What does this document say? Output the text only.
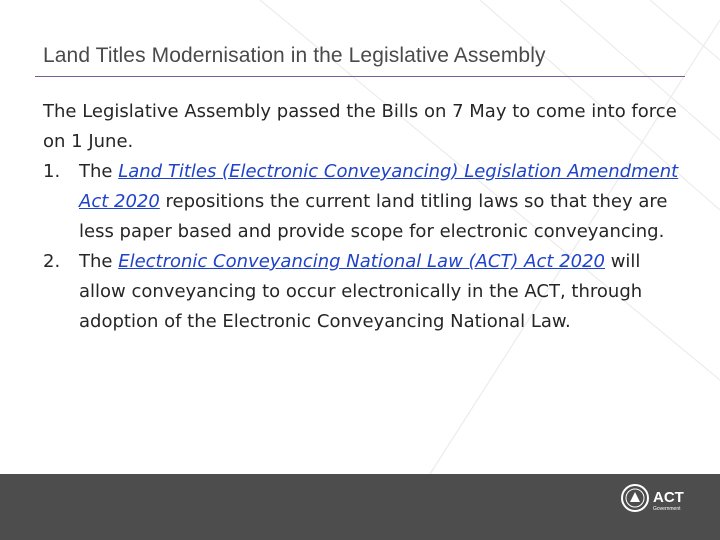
Land Titles Modernisation in the Legislative Assembly

The Legislative Assembly passed the Bills on 7 May to come into force on 1 June.

1. The Land Titles (Electronic Conveyancing) Legislation Amendment Act 2020 repositions the current land titling laws so that they are less paper based and provide scope for electronic conveyancing.
2. The Electronic Conveyancing National Law (ACT) Act 2020 will allow conveyancing to occur electronically in the ACT, through adoption of the Electronic Conveyancing National Law.
ACT
Government
